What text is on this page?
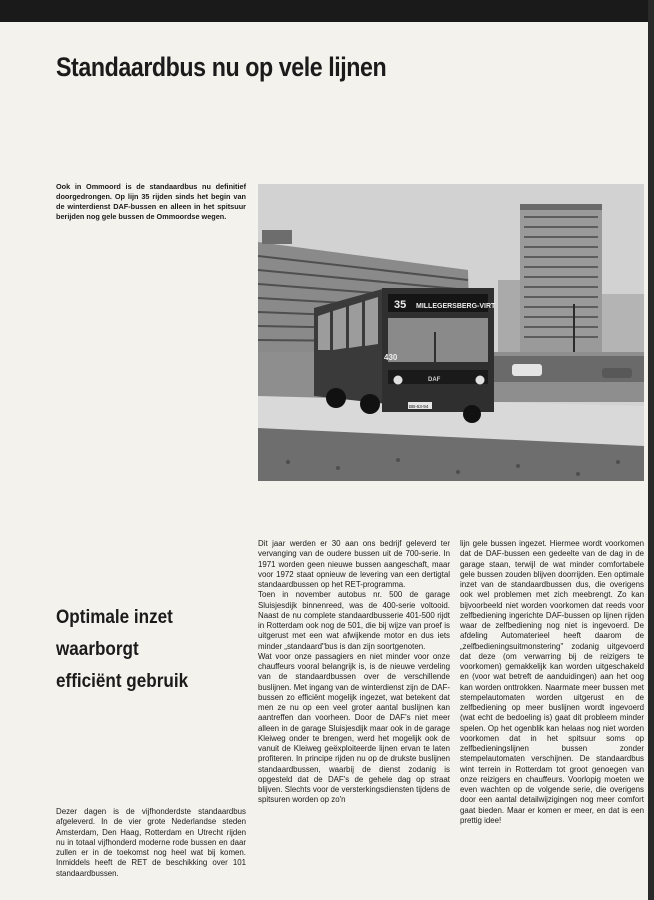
Standaardbus nu op vele lijnen

Ook in Ommoord is de standaardbus nu definitief doorgedrongen. Op lijn 35 rijden sinds het begin van de winterdienst DAF-bussen en alleen in het spitsuur berijden nog gele bussen de Ommoordse wegen.

35 MILLEGERSBERG-VIRT
430
DAF
BB-63-94
Optimale inzet
waarborgt
efficiënt gebruik

Dezer dagen is de vijfhonderdste standaardbus afgeleverd. In de vier grote Nederlandse steden Amsterdam, Den Haag, Rotterdam en Utrecht rijden nu in totaal vijfhonderd moderne rode bussen en daar zullen er in de toekomst nog heel wat bij komen. Inmiddels heeft de RET de beschikking over 101 standaardbussen.

Dit jaar werden er 30 aan ons bedrijf geleverd ter vervanging van de oudere bussen uit de 700-serie. In 1971 worden geen nieuwe bussen aangeschaft, maar voor 1972 staat opnieuw de levering van een dertigtal standaardbussen op het RET-programma.

Toen in november autobus nr. 500 de garage Sluisjesdijk binnenreed, was de 400-serie voltooid. Naast de nu complete standaardbusserie 401-500 rijdt in Rotterdam ook nog de 501, die bij wijze van proef is uitgerust met een wat afwijkende motor en dus iets minder „standaard"bus is dan zijn soortgenoten.

Wat voor onze passagiers en niet minder voor onze chauffeurs vooral belangrijk is, is de nieuwe verdeling van de standaardbussen over de verschillende buslijnen. Met ingang van de winterdienst zijn de DAF-bussen zo efficiënt mogelijk ingezet, wat betekent dat men ze nu op een veel groter aantal buslijnen kan aantreffen dan voorheen. Door de DAF's niet meer alleen in de garage Sluisjesdijk maar ook in de garage Kleiweg onder te brengen, werd het mogelijk ook de vanuit de Kleiweg geëxploiteerde lijnen ervan te laten profiteren. In principe rijden nu op de drukste buslijnen standaardbussen, waarbij de dienst zodanig is opgesteld dat de DAF's de gehele dag op straat blijven. Slechts voor de versterkingsdiensten tijdens de spitsuren worden op zo'n

lijn gele bussen ingezet. Hiermee wordt voorkomen dat de DAF-bussen een gedeelte van de dag in de garage staan, terwijl de wat minder comfortabele gele bussen zouden blijven doorrijden. Een optimale inzet van de standaardbussen dus, die overigens ook wel problemen met zich meebrengt. Zo kan bijvoorbeeld niet worden voorkomen dat reeds voor zelfbediening ingerichte DAF-bussen op lijnen rijden waar de zelfbediening nog niet is ingevoerd. De afdeling Automaterieel heeft daarom de „zelfbedieningsuitmonstering" zodanig uitgevoerd dat deze (om verwarring bij de reizigers te voorkomen) gemakkelijk kan worden uitgeschakeld en (voor wat betreft de aanduidingen) aan het oog kan worden onttrokken. Naarmate meer bussen met stempelautomaten worden uitgerust en de zelfbediening op meer buslijnen wordt ingevoerd (wat echt de bedoeling is) gaat dit probleem minder spelen. Op het ogenblik kan helaas nog niet worden voorkomen dat in het spitsuur soms op zelfbedieningslijnen bussen zonder stempelautomaten verschijnen. De standaardbus wint terrein in Rotterdam tot groot genoegen van onze reizigers en chauffeurs. Voorlopig moeten we even wachten op de volgende serie, die overigens door een aantal detailwijzigingen nog meer comfort gaat bieden. Maar er komen er meer, en dat is een prettig idee!
